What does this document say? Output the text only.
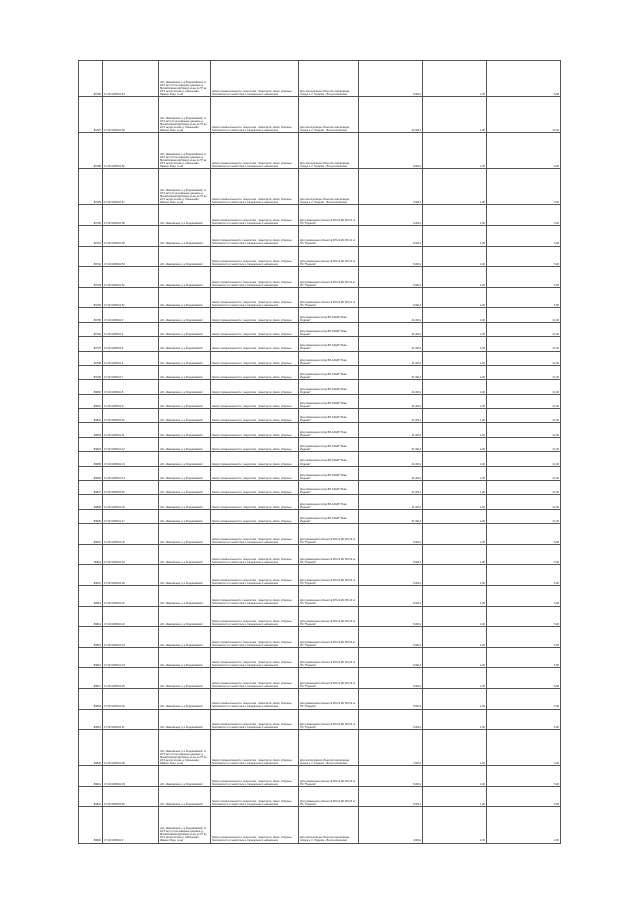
80786	27:16:0405011:64	обл. Ивановская, р-н Родниковский, ст. 20.5 км (1,6 км севернее деревни д. Михайловская Дубовое) м-ны рп 57 ке 20.5 км восточнее д. Малышево, Иваное Родн. р-на)	Земли промышленности, энергетики, транспорта, связи, обороны, безопасности и земли иного специального назначения	Для эксплуатации объектов газопровода отвода к г.г. Родники - Вичуга-Кинешма	5,0014	1,00	5,00
80787	37:16:0405011:66	обл. Ивановская, р-н Родниковский, ст. 20.5 км (1,6 км севернее деревни д. Михайловская Дубовое) м-ны рп 57 ке 20.5 км восточнее д. Малышево, Иваное Родн. р-на)	Земли промышленности, энергетики, транспорта, связи, обороны, безопасности и земли иного специального назначения	Для эксплуатации объектов газопровода отвода к г.г. Родники - Вичуга-Кинешма	24,0014	1,00	24,00
80788	37:16:0405011:62	обл. Ивановская, р-н Родниковский, ст. 20.5 км (1,6 км севернее деревни д. Михайловская Дубовое) м-ны рп 57 ке 20.5 км восточнее д. Малышево, Иваное Родн. р-на)	Земли промышленности, энергетики, транспорта, связи, обороны, безопасности и земли иного специального назначения	Для эксплуатации объектов газопровода отвода к г.г. Родники - Вичуга-Кинешма	9,0014	1,00	9,00
80789	37:16:0405011:67	обл. Ивановская, р-н Родниковский, ст. 20.5 км (1,6 км севернее деревни д. Михайловская Дубовое) м-ны рп 57 ке 20.5 км восточнее д. Малышево, Иваное Родн. р-на)	Земли промышленности, энергетики, транспорта, связи, обороны, безопасности и земли иного специального назначения	Для эксплуатации объектов газопровода отвода к г.г. Родники - Вичуга-Кинешма	3,0014	1,00	3,00
80790	37:16:0405011:58	обл. Ивановская, р-н Родниковский	Земли промышленности, энергетики, транспорта, связи, обороны, безопасности и земли иного специального назначения	Для размещения объектов ВЛ-10 кВ. ВЛ 21 от ПС "Родники"	3,0014	1,00	3,00
80791	37:16:0405011:55	обл. Ивановская, р-н Родниковский	Земли промышленности, энергетики, транспорта, связи, обороны, безопасности и земли иного специального назначения	Для размещения объектов ВЛ-10 кВ. ВЛ 21 от ПС "Родники"	5,0014	1,00	5,00
80792	37:16:0405011:53	обл. Ивановская, р-н Родниковский	Земли промышленности, энергетики, транспорта, связи, обороны, безопасности и земли иного специального назначения	Для размещения объектов ВЛ-10 кВ. ВЛ 21 от ПС "Родники"	5,0014	1,00	5,00
80793	37:16:0405011:52	обл. Ивановская, р-н Родниковский	Земли промышленности, энергетики, транспорта, связи, обороны, безопасности и земли иного специального назначения	Для размещения объектов ВЛ-10 кВ. ВЛ 21 от ПС "Родники"	5,0014	1,00	5,00
80794	37:16:0405011:51	обл. Ивановская, р-н Родниковский	Земли промышленности, энергетики, транспорта, связи, обороны, безопасности и земли иного специального назначения	Для размещения объектов ВЛ-10 кВ. ВЛ 21 от ПС "Родники"	5,0014	1,00	5,00
80795	37:16:0405011:3	обл. Ивановская, р-н Родниковский	Земли промышленности, энергетики, транспорта, связи, обороны	Для размещения опор ВЛ-110кВ "Южа-Родники"	21,0014	1,00	21,00
80796	37:16:0405011:4	обл. Ивановская, р-н Родниковский	Земли промышленности, энергетики, транспорта, связи, обороны	Для размещения опор ВЛ-110кВ "Южа-Родники"	21,0014	1,00	21,00
80797	37:16:0405011:5	обл. Ивановская, р-н Родниковский	Земли промышленности, энергетики, транспорта, связи, обороны	Для размещения опор ВЛ-110кВ "Южа-Родники"	21,0014	1,00	21,00
80798	37:16:0405011:6	обл. Ивановская, р-н Родниковский	Земли промышленности, энергетики, транспорта, связи, обороны	Для размещения опор ВЛ-110кВ "Южа-Родники"	21,0014	1,00	21,00
80799	37:16:0405011:7	обл. Ивановская, р-н Родниковский	Земли промышленности, энергетики, транспорта, связи, обороны	Для размещения опор ВЛ-110кВ "Южа-Родники"	21,0014	1,00	21,00
80800	37:16:0405011:8	обл. Ивановская, р-н Родниковский	Земли промышленности, энергетики, транспорта, связи, обороны	Для размещения опор ВЛ-110кВ "Южа-Родники"	21,0014	1,00	21,00
80801	37:16:0405011:9	обл. Ивановская, р-н Родниковский	Земли промышленности, энергетики, транспорта, связи, обороны	Для размещения опор ВЛ-110кВ "Южа-Родники"	21,0014	1,00	21,00
80802	37:16:0405011:10	обл. Ивановская, р-н Родниковский	Земли промышленности, энергетики, транспорта, связи, обороны	Для размещения опор ВЛ-110кВ "Южа-Родники"	21,0014	1,00	21,00
80803	37:16:0405011:11	обл. Ивановская, р-н Родниковский	Земли промышленности, энергетики, транспорта, связи, обороны	Для размещения опор ВЛ-110кВ "Южа-Родники"	21,0014	1,00	21,00
80804	37:16:0405011:12	обл. Ивановская, р-н Родниковский	Земли промышленности, энергетики, транспорта, связи, обороны	Для размещения опор ВЛ-110кВ "Южа-Родники"	21,0014	1,00	21,00
80805	37:16:0405011:13	обл. Ивановская, р-н Родниковский	Земли промышленности, энергетики, транспорта, связи, обороны	Для размещения опор ВЛ-110кВ "Южа-Родники"	21,0014	1,00	21,00
80806	37:16:0405011:14	обл. Ивановская, р-н Родниковский	Земли промышленности, энергетики, транспорта, связи, обороны	Для размещения опор ВЛ-110кВ "Южа-Родники"	21,0014	1,00	21,00
80807	37:16:0405011:15	обл. Ивановская, р-н Родниковский	Земли промышленности, энергетики, транспорта, связи, обороны	Для размещения опор ВЛ-110кВ "Южа-Родники"	21,0014	1,00	21,00
80808	37:16:0405011:16	обл. Ивановская, р-н Родниковский	Земли промышленности, энергетики, транспорта, связи, обороны	Для размещения опор ВЛ-110кВ "Южа-Родники"	21,0014	1,00	21,00
80809	37:16:0405011:17	обл. Ивановская, р-н Родниковский	Земли промышленности, энергетики, транспорта, связи, обороны	Для размещения опор ВЛ-110кВ "Южа-Родники"	21,0014	1,00	21,00
80810	37:16:0405011:18	обл. Ивановская, р-н Родниковский	Земли промышленности, энергетики, транспорта, связи, обороны, безопасности и земли иного специального назначения	Для размещения объектов ВЛ-10 кВ. ВЛ 22 от ПС "Родники"	5,0014	1,00	5,00
80811	37:16:0405011:19	обл. Ивановская, р-н Родниковский	Земли промышленности, энергетики, транспорта, связи, обороны, безопасности и земли иного специального назначения	Для размещения объектов ВЛ-10 кВ. ВЛ 22 от ПС "Родники"	5,0014	1,00	5,00
80812	37:16:0405011:20	обл. Ивановская, р-н Родниковский	Земли промышленности, энергетики, транспорта, связи, обороны, безопасности и земли иного специального назначения	Для размещения объектов ВЛ-10 кВ. ВЛ 22 от ПС "Родники"	5,0014	1,00	5,00
80813	37:16:0405011:21	обл. Ивановская, р-н Родниковский	Земли промышленности, энергетики, транспорта, связи, обороны, безопасности и земли иного специального назначения	Для размещения объектов ВЛ-10 кВ. ВЛ 22 от ПС "Родники"	5,0014	1,00	5,00
80814	37:16:0405011:22	обл. Ивановская, р-н Родниковский	Земли промышленности, энергетики, транспорта, связи, обороны, безопасности и земли иного специального назначения	Для размещения объектов ВЛ-10 кВ. ВЛ 22 от ПС "Родники"	5,0014	1,00	5,00
80815	37:16:0405011:23	обл. Ивановская, р-н Родниковский	Земли промышленности, энергетики, транспорта, связи, обороны, безопасности и земли иного специального назначения	Для размещения объектов ВЛ-10 кВ. ВЛ 22 от ПС "Родники"	5,0014	1,00	5,00
80816	37:16:0405011:24	обл. Ивановская, р-н Родниковский	Земли промышленности, энергетики, транспорта, связи, обороны, безопасности и земли иного специального назначения	Для размещения объектов ВЛ-10 кВ. ВЛ 22 от ПС "Родники"	5,0014	1,00	5,00
80817	37:16:0405011:25	обл. Ивановская, р-н Родниковский	Земли промышленности, энергетики, транспорта, связи, обороны, безопасности и земли иного специального назначения	Для размещения объектов ВЛ-10 кВ. ВЛ 22 от ПС "Родники"	5,0014	1,00	5,00
80818	37:16:0405011:26	обл. Ивановская, р-н Родниковский	Земли промышленности, энергетики, транспорта, связи, обороны, безопасности и земли иного специального назначения	Для размещения объектов ВЛ-10 кВ. ВЛ 22 от ПС "Родники"	5,0014	1,00	5,00
80819	37:16:0405011:27	обл. Ивановская, р-н Родниковский	Земли промышленности, энергетики, транспорта, связи, обороны, безопасности и земли иного специального назначения	Для размещения объектов ВЛ-10 кВ. ВЛ 22 от ПС "Родники"	5,0014	1,00	5,00
80820	37:16:0405011:28	обл. Ивановская, р-н Родниковский, ст. 20.5 км (1,6 км севернее деревни д. Михайловская Дубовое) м-ны рп 57 ке 20.5 км восточнее д. Малышево, Иваное Родн. р-на)	Земли промышленности, энергетики, транспорта, связи, обороны, безопасности и земли иного специального назначения	Для эксплуатации объектов газопровода отвода к г.г. Родники - Вичуга-Кинешма	4,0014	1,00	4,00
80821	37:16:0405011:29	обл. Ивановская, р-н Родниковский	Земли промышленности, энергетики, транспорта, связи, обороны, безопасности и земли иного специального назначения	Для размещения объектов ВЛ-10 кВ. ВЛ 22 от ПС "Родники"	5,0014	1,00	5,00
80822	37:16:0405011:30	обл. Ивановская, р-н Родниковский	Земли промышленности, энергетики, транспорта, связи, обороны, безопасности и земли иного специального назначения	Для размещения объектов ВЛ-10 кВ. ВЛ 22 от ПС "Родники"	5,0014	1,00	5,00
80823	37:16:0405011:3	обл. Ивановская, р-н Родниковский, ст. 20.5 км (1,6 км севернее деревни д. Михайловская Дубовое) м-ны рп 57 ке 20.5 км восточнее д. Малышево, Иваное Родн. р-на)	Земли промышленности, энергетики, транспорта, связи, обороны, безопасности и земли иного специального назначения	Для эксплуатации объектов газопровода отвода к г.г. Родники - Вичуга-Кинешма	4,0014	1,00	4,00
